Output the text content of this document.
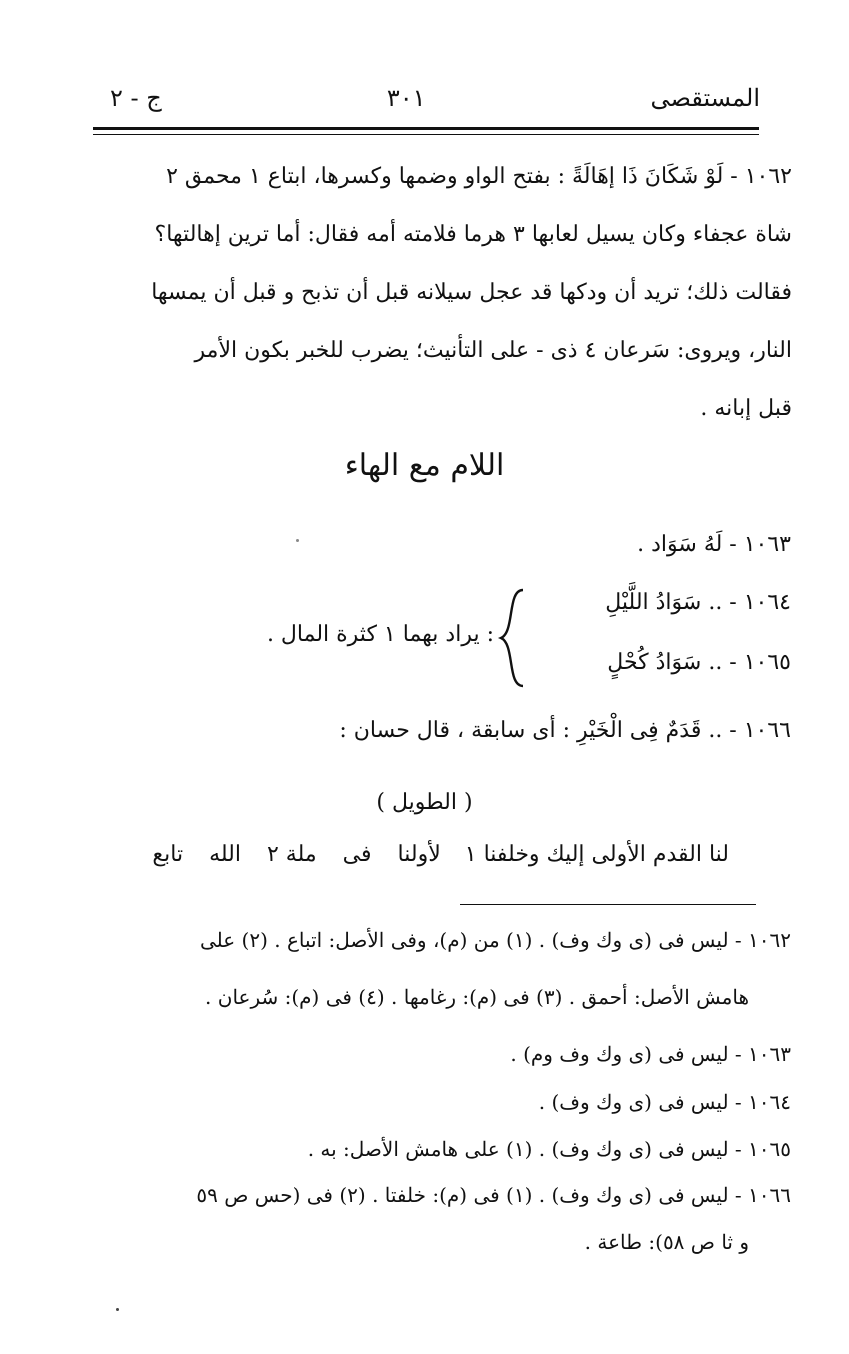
المستقصى
٣٠١
ج - ٢
١٠٦٢ - لَوْ شَكَانَ ذَا إهَالَةً : بفتح الواو وضمها وكسرها، ابتاع ١ محمق ٢
شاة عجفاء وكان يسيل لعابها ٣ هرما فلامته أمه فقال: أما ترين إهالتها؟
فقالت ذلك؛ تريد أن ودكها قد عجل سيلانه قبل أن تذبح و قبل أن يمسها
النار، ويروى: سَرعان ٤ ذى - على التأنيث؛ يضرب للخبر بكون الأمر
قبل إبانه .
اللام مع الهاء
١٠٦٣ - لَهُ سَوَاد .
١٠٦٤ - .. سَوَادُ اللَّيْلِ
١٠٦٥ - .. سَوَادُ كُحْلٍ
: يراد بهما ١ كثرة المال .
١٠٦٦ - .. قَدَمٌ فِى الْخَيْرِ : أى سابقة ، قال حسان :
( الطويل )
لنا القدم الأولى إليك وخلفنا ١
لأولنا
فى
ملة ٢
الله
تابع
١٠٦٢ - ليس فى (ى وك وف) . (١) من (م)، وفى الأصل: اتباع . (٢) على
هامش الأصل: أحمق . (٣) فى (م): رغامها . (٤) فى (م): سُرعان .
١٠٦٣ - ليس فى (ى وك وف وم) .
١٠٦٤ - ليس فى (ى وك وف) .
١٠٦٥ - ليس فى (ى وك وف) . (١) على هامش الأصل: به .
١٠٦٦ - ليس فى (ى وك وف) . (١) فى (م): خلفتا . (٢) فى (حس ص ٥٩
و ثا ص ٥٨): طاعة .
